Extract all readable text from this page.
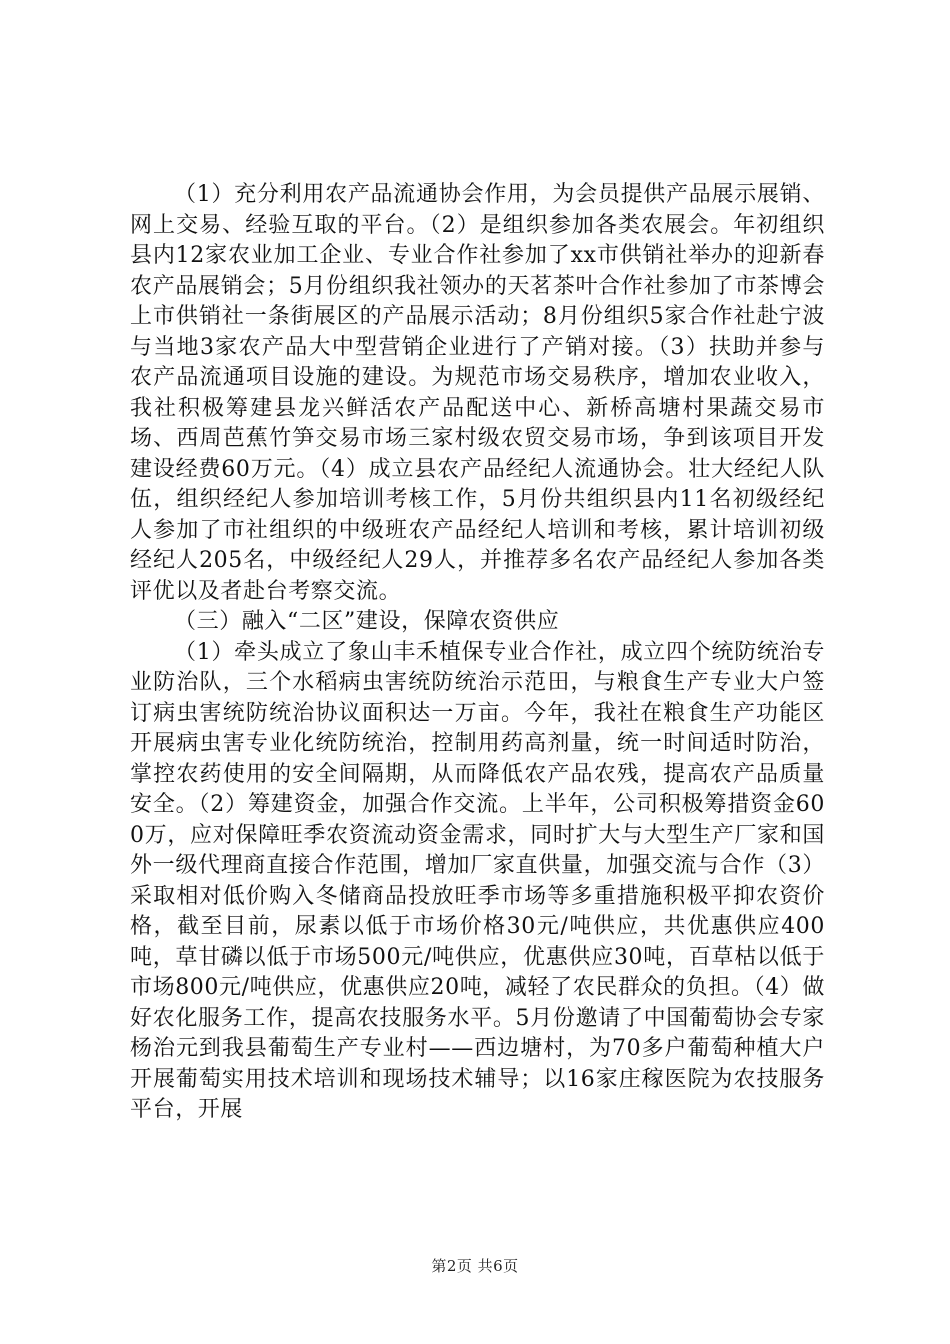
（1）充分利用农产品流通协会作用，为会员提供产品展示展销、网上交易、经验互取的平台。（2）是组织参加各类农展会。年初组织县内12家农业加工企业、专业合作社参加了xx市供销社举办的迎新春农产品展销会；5月份组织我社领办的天茗茶叶合作社参加了市茶博会上市供销社一条街展区的产品展示活动；8月份组织5家合作社赴宁波与当地3家农产品大中型营销企业进行了产销对接。（3）扶助并参与农产品流通项目设施的建设。为规范市场交易秩序，增加农业收入，我社积极筹建县龙兴鲜活农产品配送中心、新桥高塘村果蔬交易市场、西周芭蕉竹笋交易市场三家村级农贸交易市场，争到该项目开发建设经费60万元。（4）成立县农产品经纪人流通协会。壮大经纪人队伍，组织经纪人参加培训考核工作，5月份共组织县内11名初级经纪人参加了市社组织的中级班农产品经纪人培训和考核，累计培训初级经纪人205名，中级经纪人29人，并推荐多名农产品经纪人参加各类评优以及者赴台考察交流。

（三）融入“二区”建设，保障农资供应

（1）牵头成立了象山丰禾植保专业合作社，成立四个统防统治专业防治队，三个水稻病虫害统防统治示范田，与粮食生产专业大户签订病虫害统防统治协议面积达一万亩。今年，我社在粮食生产功能区开展病虫害专业化统防统治，控制用药高剂量，统一时间适时防治，掌控农药使用的安全间隔期，从而降低农产品农残，提高农产品质量安全。（2）筹建资金，加强合作交流。上半年，公司积极筹措资金600万，应对保障旺季农资流动资金需求，同时扩大与大型生产厂家和国外一级代理商直接合作范围，增加厂家直供量，加强交流与合作（3）采取相对低价购入冬储商品投放旺季市场等多重措施积极平抑农资价格，截至目前，尿素以低于市场价格30元/吨供应，共优惠供应400吨，草甘磷以低于市场500元/吨供应，优惠供应30吨，百草枯以低于市场800元/吨供应，优惠供应20吨，减轻了农民群众的负担。（4）做好农化服务工作，提高农技服务水平。5月份邀请了中国葡萄协会专家杨治元到我县葡萄生产专业村——西边塘村，为70多户葡萄种植大户开展葡萄实用技术培训和现场技术辅导；以16家庄稼医院为农技服务平台，开展

第2页 共6页
